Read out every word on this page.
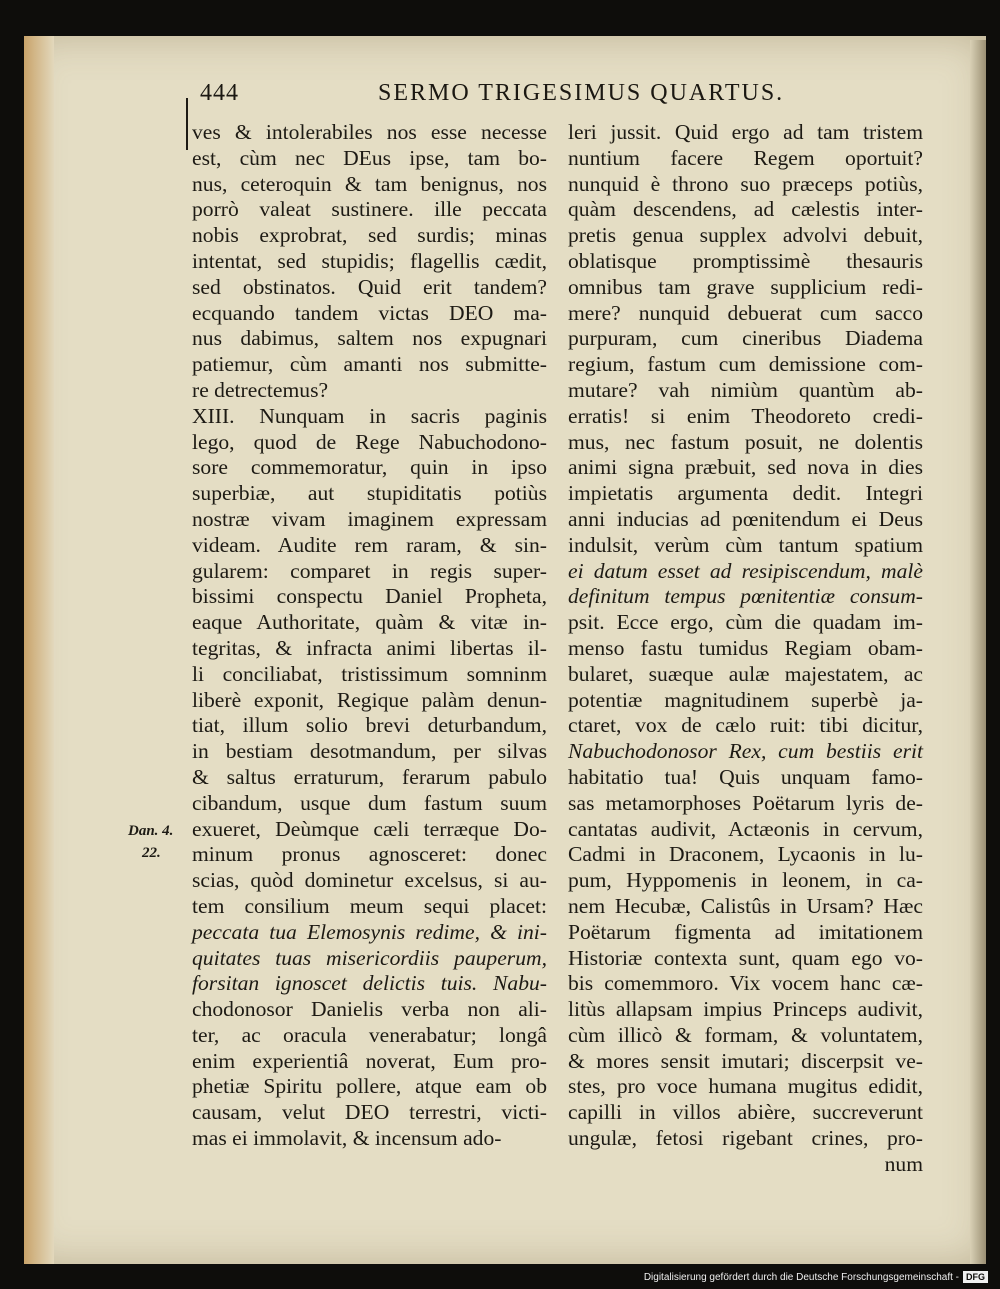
444	SERMO TRIGESIMUS QUARTUS.
ves & intolerabiles nos esse necesse
est, cùm nec DEus ipse, tam bo-
nus, ceteroquin & tam benignus, nos
porrò valeat sustinere. ille peccata
nobis exprobrat, sed surdis; minas
intentat, sed stupidis; flagellis cædit,
sed obstinatos. Quid erit tandem?
ecquando tandem victas DEO ma-
nus dabimus, saltem nos expugnari
patiemur, cùm amanti nos submitte-
re detrectemus?
XIII. Nunquam in sacris paginis
lego, quod de Rege Nabuchodono-
sore commemoratur, quin in ipso
superbiæ, aut stupiditatis potiùs
nostræ vivam imaginem expressam
videam. Audite rem raram, & sin-
gularem: comparet in regis super-
bissimi conspectu Daniel Propheta,
eaque Authoritate, quàm & vitæ in-
tegritas, & infracta animi libertas il-
li conciliabat, tristissimum somninm
liberè exponit, Regique palàm denun-
tiat, illum solio brevi deturbandum,
in bestiam desotmandum, per silvas
& saltus erraturum, ferarum pabulo
cibandum, usque dum fastum suum
exueret, Deùmque cæli terræque Do-
minum pronus agnosceret: donec
scias, quòd dominetur excelsus, si au-
tem consilium meum sequi placet:
peccata tua Elemosynis redime, & ini-
quitates tuas misericordiis pauperum,
forsitan ignoscet delictis tuis. Nabu-
chodonosor Danielis verba non ali-
ter, ac oracula venerabatur; longâ
enim experientiâ noverat, Eum pro-
phetiæ Spiritu pollere, atque eam ob
causam, velut DEO terrestri, victi-
mas ei immolavit, & incensum ado-
leri jussit. Quid ergo ad tam tristem
nuntium facere Regem oportuit?
nunquid è throno suo præceps potiùs,
quàm descendens, ad cælestis inter-
pretis genua supplex advolvi debuit,
oblatisque promptissimè thesauris
omnibus tam grave supplicium redi-
mere? nunquid debuerat cum sacco
purpuram, cum cineribus Diadema
regium, fastum cum demissione com-
mutare? vah nimiùm quantùm ab-
erratis! si enim Theodoreto credi-
mus, nec fastum posuit, ne dolentis
animi signa præbuit, sed nova in dies
impietatis argumenta dedit. Integri
anni inducias ad pœnitendum ei Deus
indulsit, verùm cùm tantum spatium
ei datum esset ad resipiscendum, malè
definitum tempus pœnitentiæ consum-
psit. Ecce ergo, cùm die quadam im-
menso fastu tumidus Regiam obam-
bularet, suæque aulæ majestatem, ac
potentiæ magnitudinem superbè ja-
ctaret, vox de cælo ruit: tibi dicitur,
Nabuchodonosor Rex, cum bestiis erit
habitatio tua! Quis unquam famo-
sas metamorphoses Poëtarum lyris de-
cantatas audivit, Actæonis in cervum,
Cadmi in Draconem, Lycaonis in lu-
pum, Hyppomenis in leonem, in ca-
nem Hecubæ, Calistûs in Ursam? Hæc
Poëtarum figmenta ad imitationem
Historiæ contexta sunt, quam ego vo-
bis comemmoro. Vix vocem hanc cæ-
litùs allapsam impius Princeps audivit,
cùm illicò & formam, & voluntatem,
& mores sensit imutari; discerpsit ve-
stes, pro voce humana mugitus edidit,
capilli in villos abière, succreverunt
ungulæ, fetosi rigebant crines, pro-
num
Dan. 4.
22.
Digitalisierung gefördert durch die Deutsche Forschungsgemeinschaft - DFG
